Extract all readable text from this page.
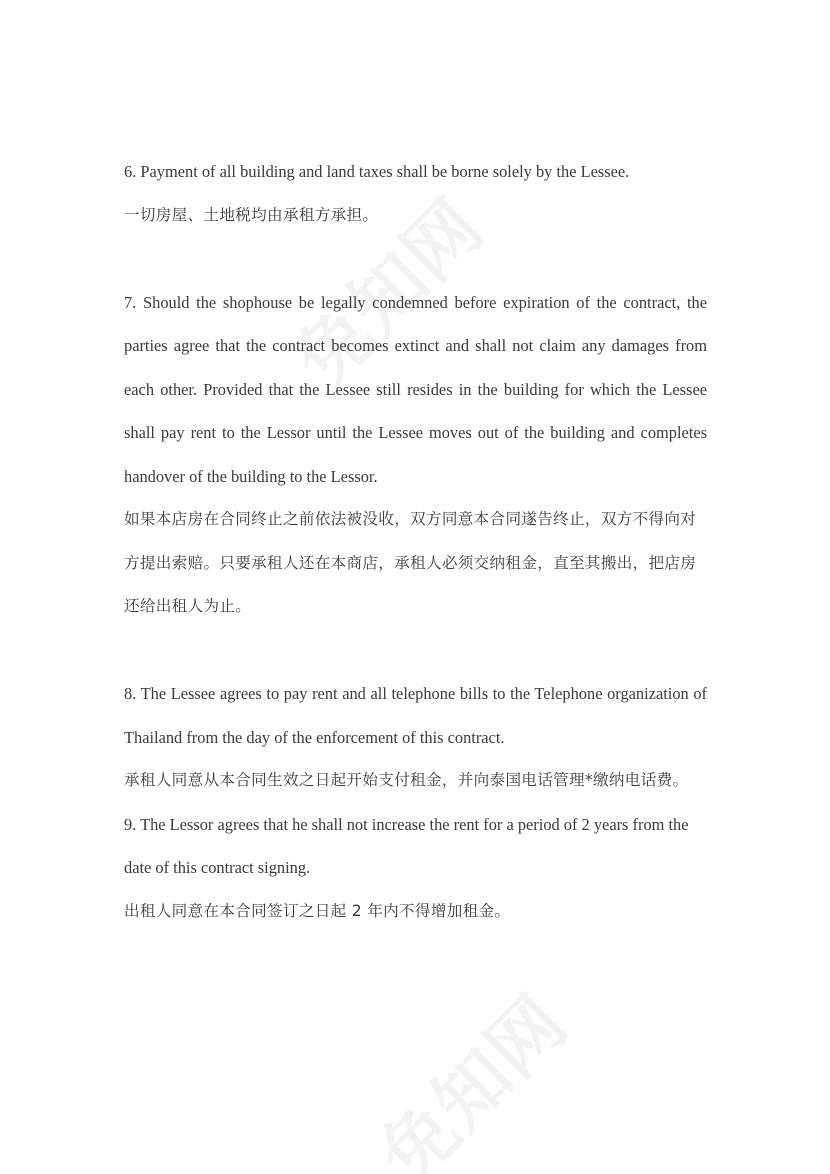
6. Payment of all building and land taxes shall be borne solely by the Lessee.

一切房屋、土地税均由承租方承担。

7. Should the shophouse be legally condemned before expiration of the contract, the parties agree that the contract becomes extinct and shall not claim any damages from each other. Provided that the Lessee still resides in the building for which the Lessee shall pay rent to the Lessor until the Lessee moves out of the building and completes handover of the building to the Lessor.

如果本店房在合同终止之前依法被没收，双方同意本合同遂告终止，双方不得向对方提出索赔。只要承租人还在本商店，承租人必须交纳租金，直至其搬出，把店房还给出租人为止。

8. The Lessee agrees to pay rent and all telephone bills to the Telephone organization of Thailand from the day of the enforcement of this contract.

承租人同意从本合同生效之日起开始支付租金，并向泰国电话管理*缴纳电话费。

9. The Lessor agrees that he shall not increase the rent for a period of 2 years from the date of this contract signing.

出租人同意在本合同签订之日起 2 年内不得增加租金。
